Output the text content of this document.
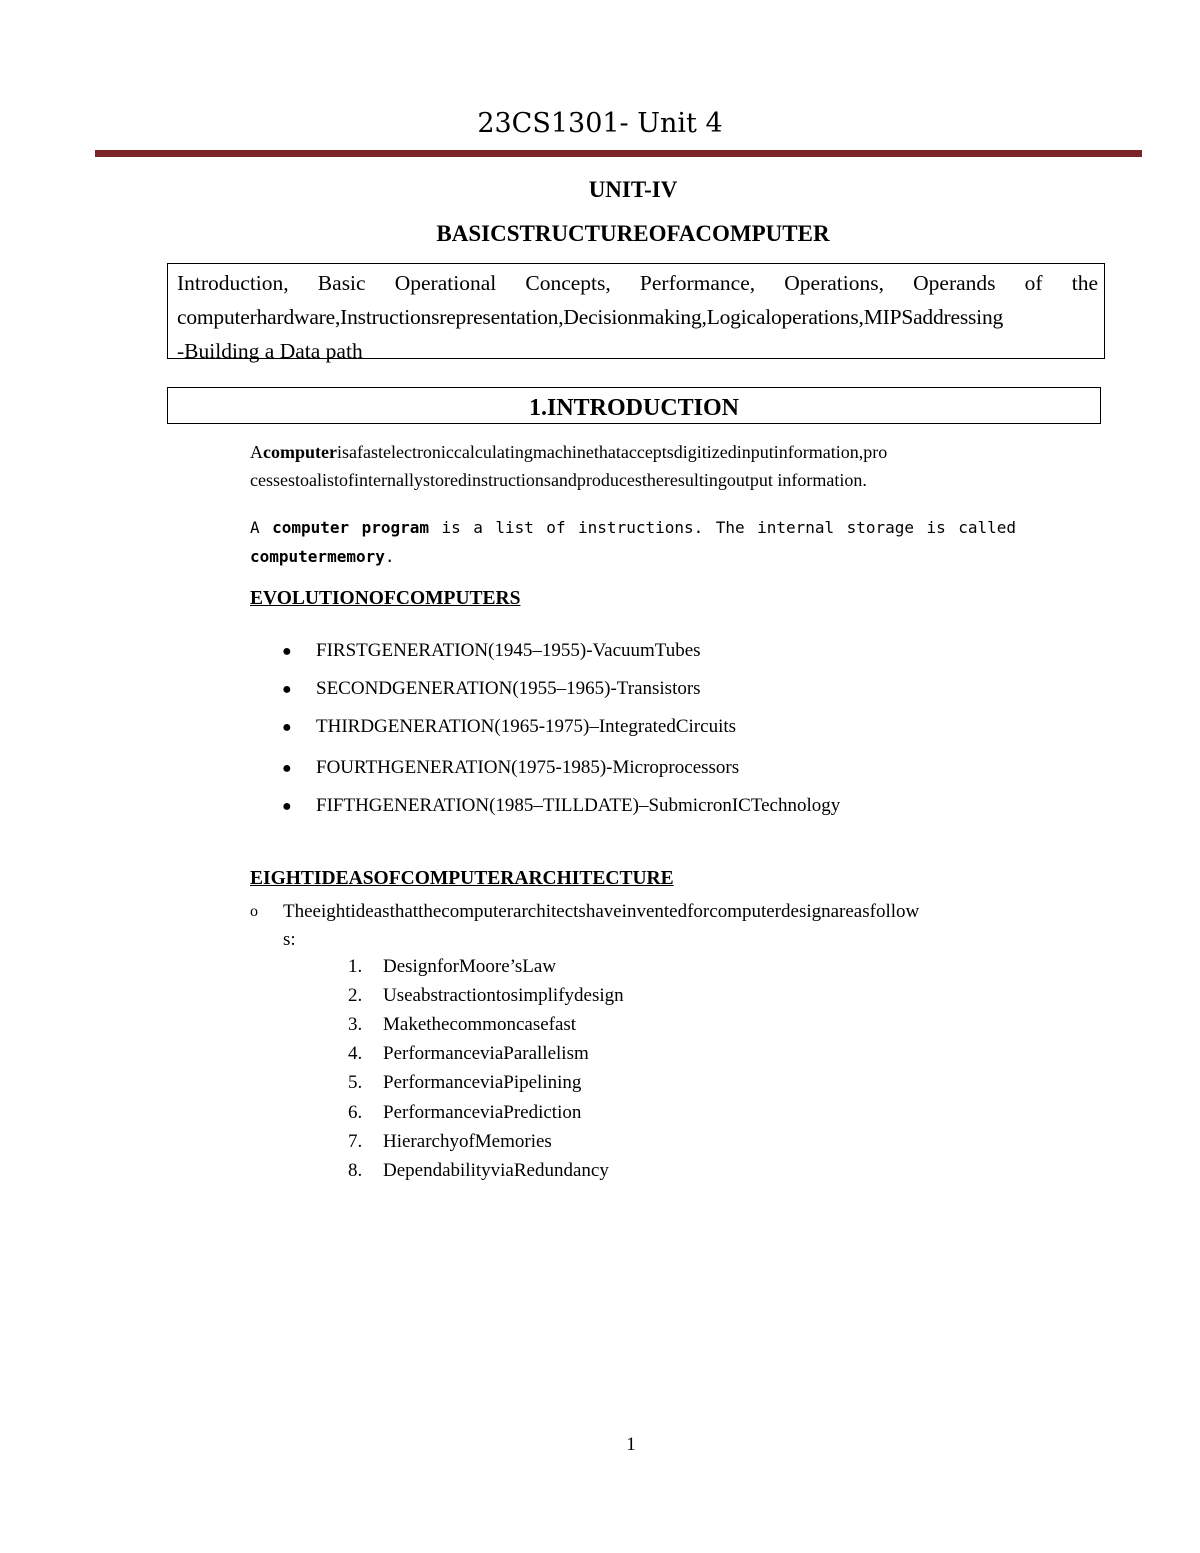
23CS1301- Unit 4
UNIT-IV
BASICSTRUCTUREOFACOMPUTER
Introduction, Basic Operational Concepts, Performance, Operations, Operands of the
computerhardware,Instructionsrepresentation,Decisionmaking,Logicaloperations,MIPSaddressing
-Building a Data path
1.INTRODUCTION
Acomputerisafastelectroniccalculatingmachinethatacceptsdigitizedinputinformation,pro
cessestoalistofinternallystoredinstructionsandproducestheresultingoutput information.
A computer program is a list of instructions. The internal storage is called
computermemory.
EVOLUTIONOFCOMPUTERS
● FIRSTGENERATION(1945–1955)-VacuumTubes
● SECONDGENERATION(1955–1965)-Transistors
● THIRDGENERATION(1965-1975)–IntegratedCircuits
● FOURTHGENERATION(1975-1985)-Microprocessors
● FIFTHGENERATION(1985–TILLDATE)–SubmicronICTechnology
EIGHTIDEASOFCOMPUTERARCHITECTURE
o Theeightideasthatthecomputerarchitectshaveinventedforcomputerdesignareasfollow
s:
1. DesignforMoore’sLaw
2. Useabstractiontosimplifydesign
3. Makethecommoncasefast
4. PerformanceviaParallelism
5. PerformanceviaPipelining
6. PerformanceviaPrediction
7. HierarchyofMemories
8. DependabilityviaRedundancy
1
